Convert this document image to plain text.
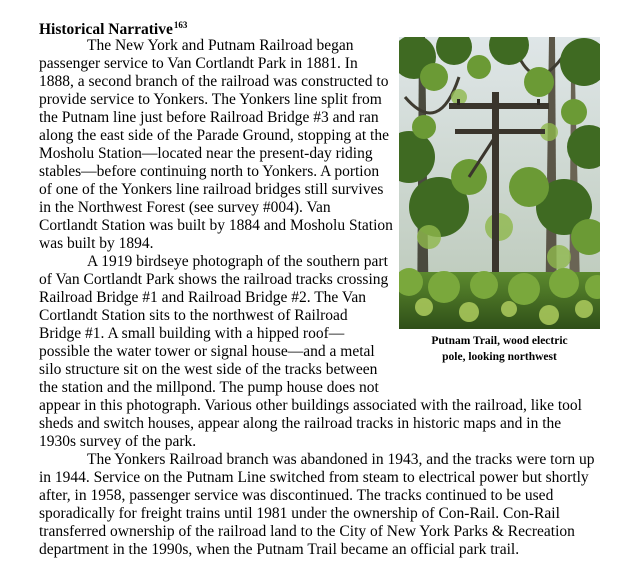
Historical Narrative$^{163}$
The New York and Putnam Railroad began
passenger service to Van Cortlandt Park in 1881. In
1888, a second branch of the railroad was constructed to
provide service to Yonkers. The Yonkers line split from
the Putnam line just before Railroad Bridge #3 and ran
along the east side of the Parade Ground, stopping at the
Mosholu Station—located near the present-day riding
stables—before continuing north to Yonkers. A portion
of one of the Yonkers line railroad bridges still survives
in the Northwest Forest (see survey #004). Van
Cortlandt Station was built by 1884 and Mosholu Station
was built by 1894.
A 1919 birdseye photograph of the southern part
of Van Cortlandt Park shows the railroad tracks crossing
Railroad Bridge #1 and Railroad Bridge #2. The Van
Cortlandt Station sits to the northwest of Railroad
Bridge #1. A small building with a hipped roof—
possible the water tower or signal house—and a metal
silo structure sit on the west side of the tracks between
the station and the millpond. The pump house does not
appear in this photograph. Various other buildings associated with the railroad, like tool
sheds and switch houses, appear along the railroad tracks in historic maps and in the
1930s survey of the park.
The Yonkers Railroad branch was abandoned in 1943, and the tracks were torn up
in 1944. Service on the Putnam Line switched from steam to electrical power but shortly
after, in 1958, passenger service was discontinued. The tracks continued to be used
sporadically for freight trains until 1981 under the ownership of Con-Rail. Con-Rail
transferred ownership of the railroad land to the City of New York Parks & Recreation
department in the 1990s, when the Putnam Trail became an official park trail.
Putnam Trail, wood electric
pole, looking northwest
